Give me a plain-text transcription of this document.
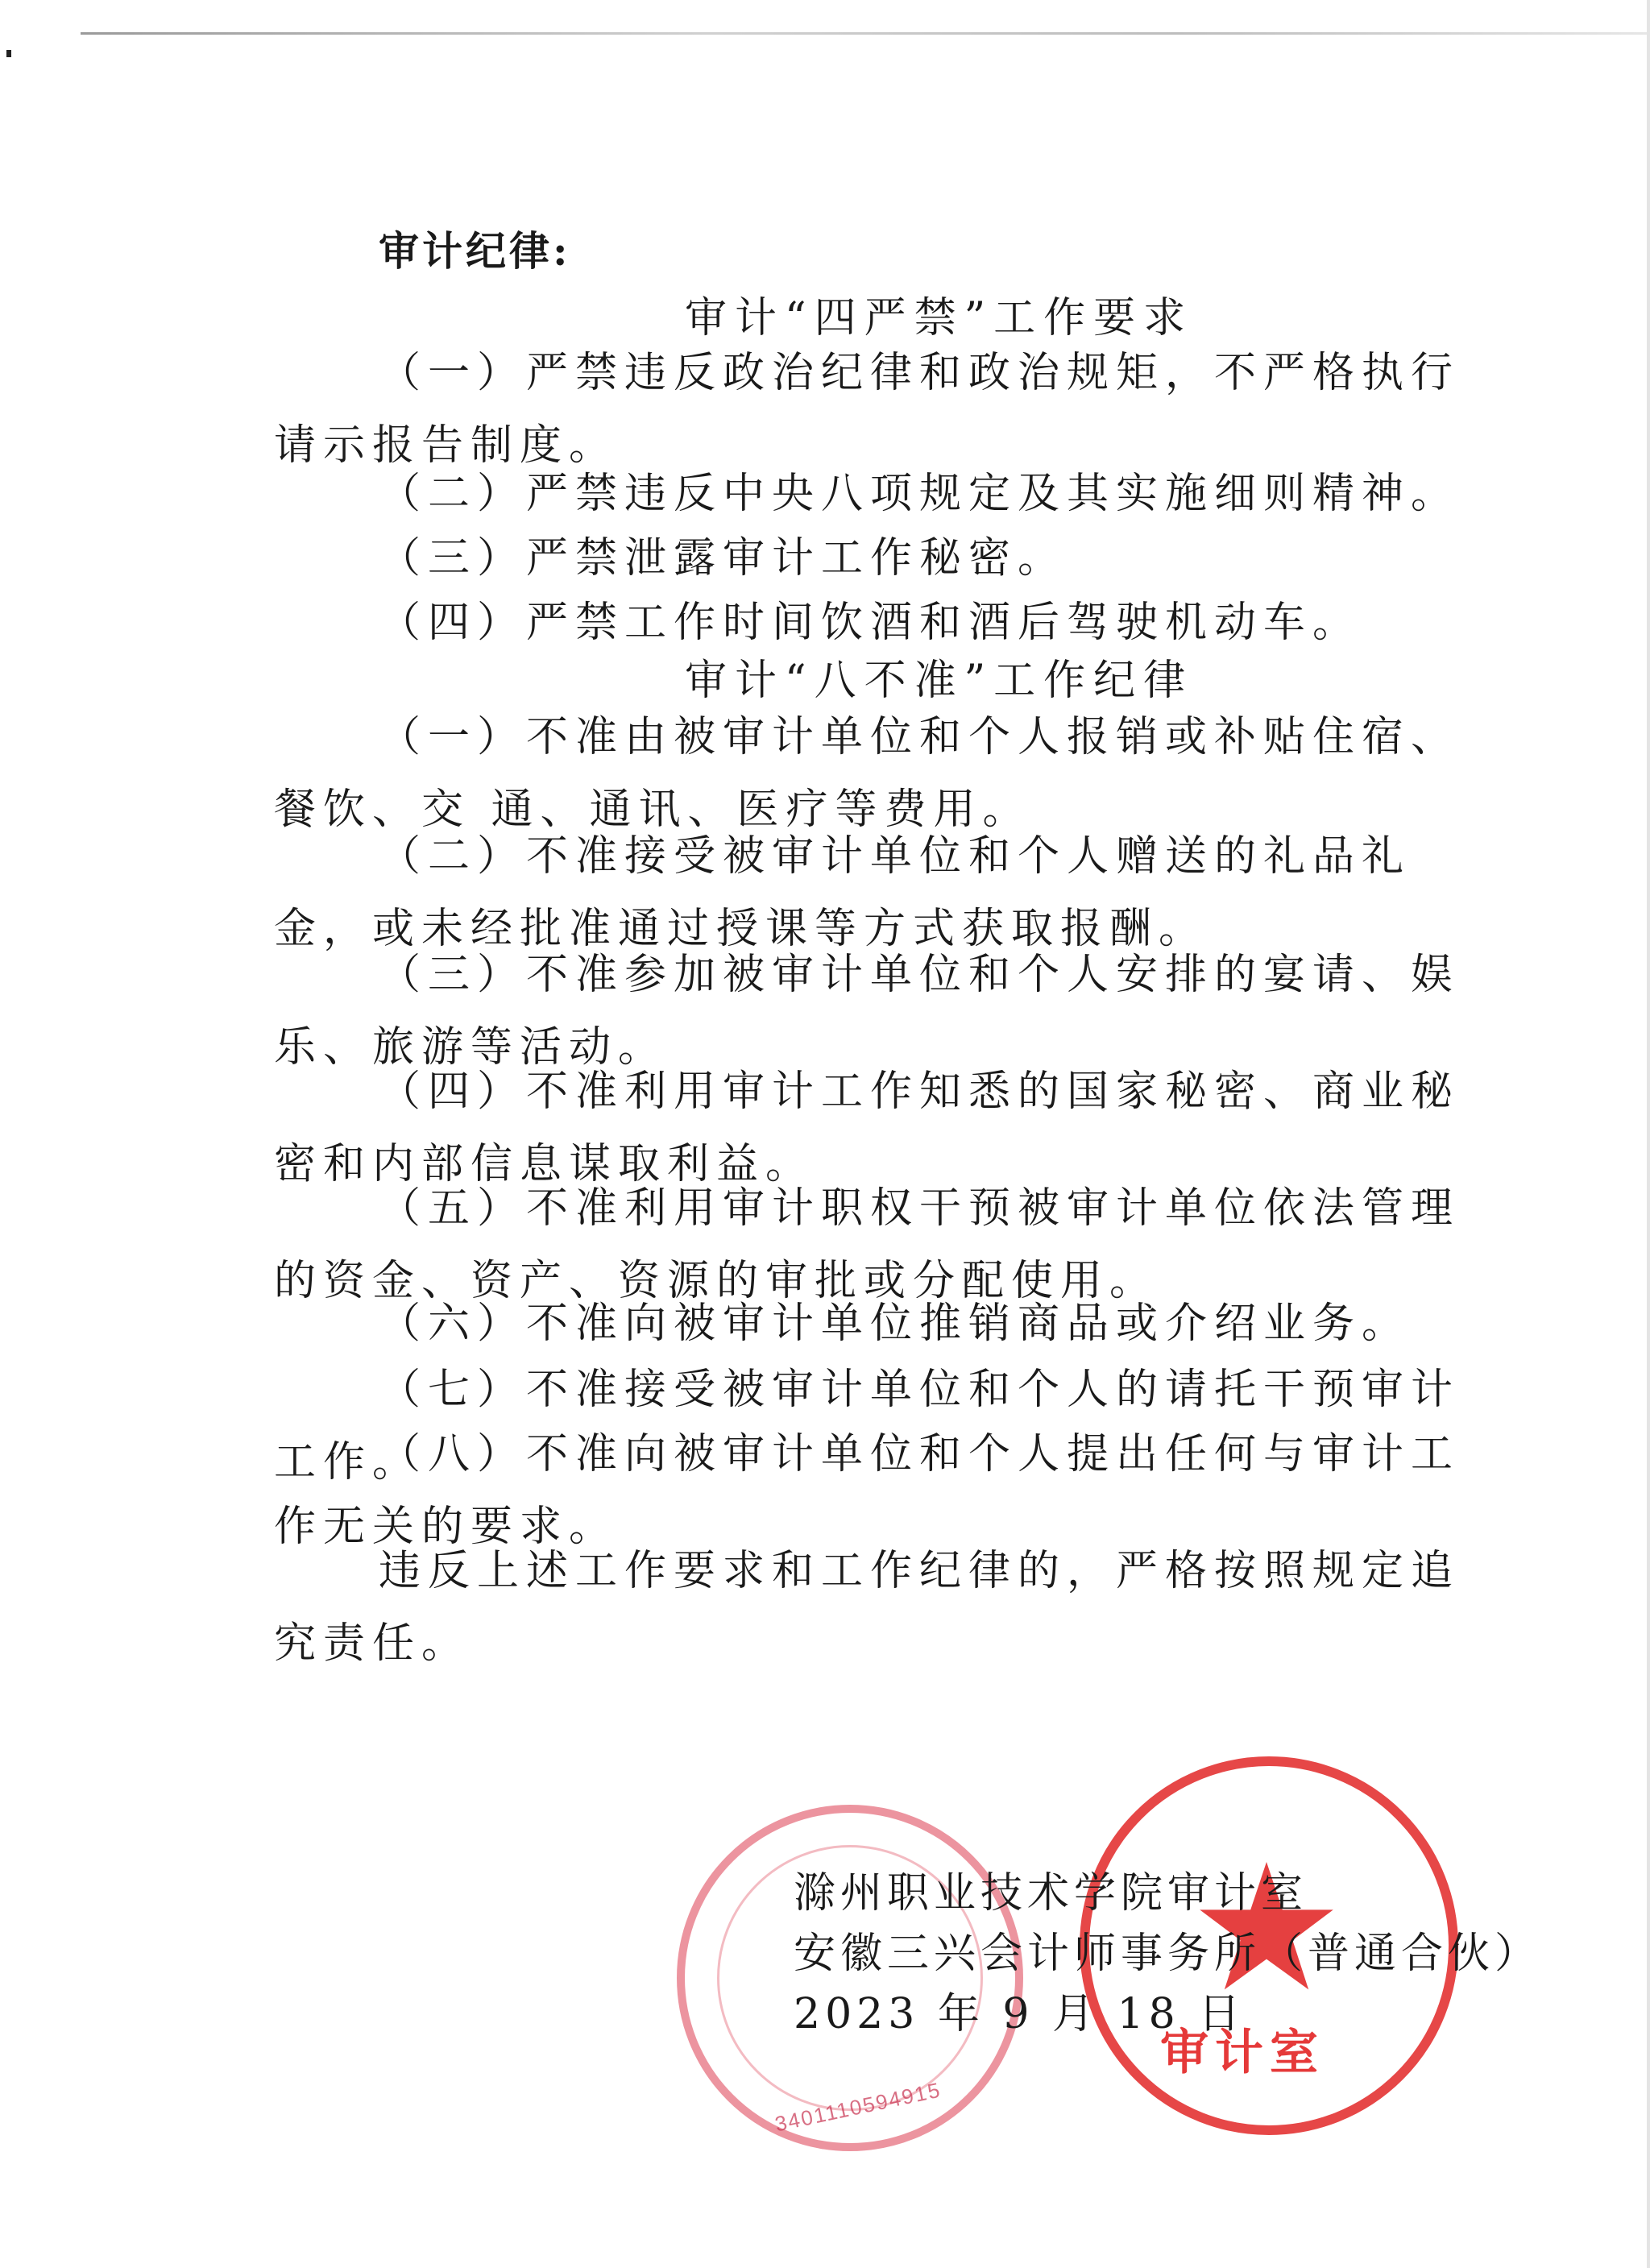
3401110594915
审计室
审计纪律:

审计“四严禁”工作要求

（一）严禁违反政治纪律和政治规矩，不严格执行请示报告制度。

（二）严禁违反中央八项规定及其实施细则精神。

（三）严禁泄露审计工作秘密。

（四）严禁工作时间饮酒和酒后驾驶机动车。

审计“八不准”工作纪律

（一）不准由被审计单位和个人报销或补贴住宿、餐饮、交 通、通讯、医疗等费用。

（二）不准接受被审计单位和个人赠送的礼品礼金，或未经批准通过授课等方式获取报酬。

（三）不准参加被审计单位和个人安排的宴请、娱乐、旅游等活动。

（四）不准利用审计工作知悉的国家秘密、商业秘密和内部信息谋取利益。

（五）不准利用审计职权干预被审计单位依法管理的资金、资产、资源的审批或分配使用。

（六）不准向被审计单位推销商品或介绍业务。

（七）不准接受被审计单位和个人的请托干预审计工作。

（八）不准向被审计单位和个人提出任何与审计工作无关的要求。

违反上述工作要求和工作纪律的，严格按照规定追究责任。

滁州职业技术学院审计室

安徽三兴会计师事务所（普通合伙）

2023 年 9 月 18 日
